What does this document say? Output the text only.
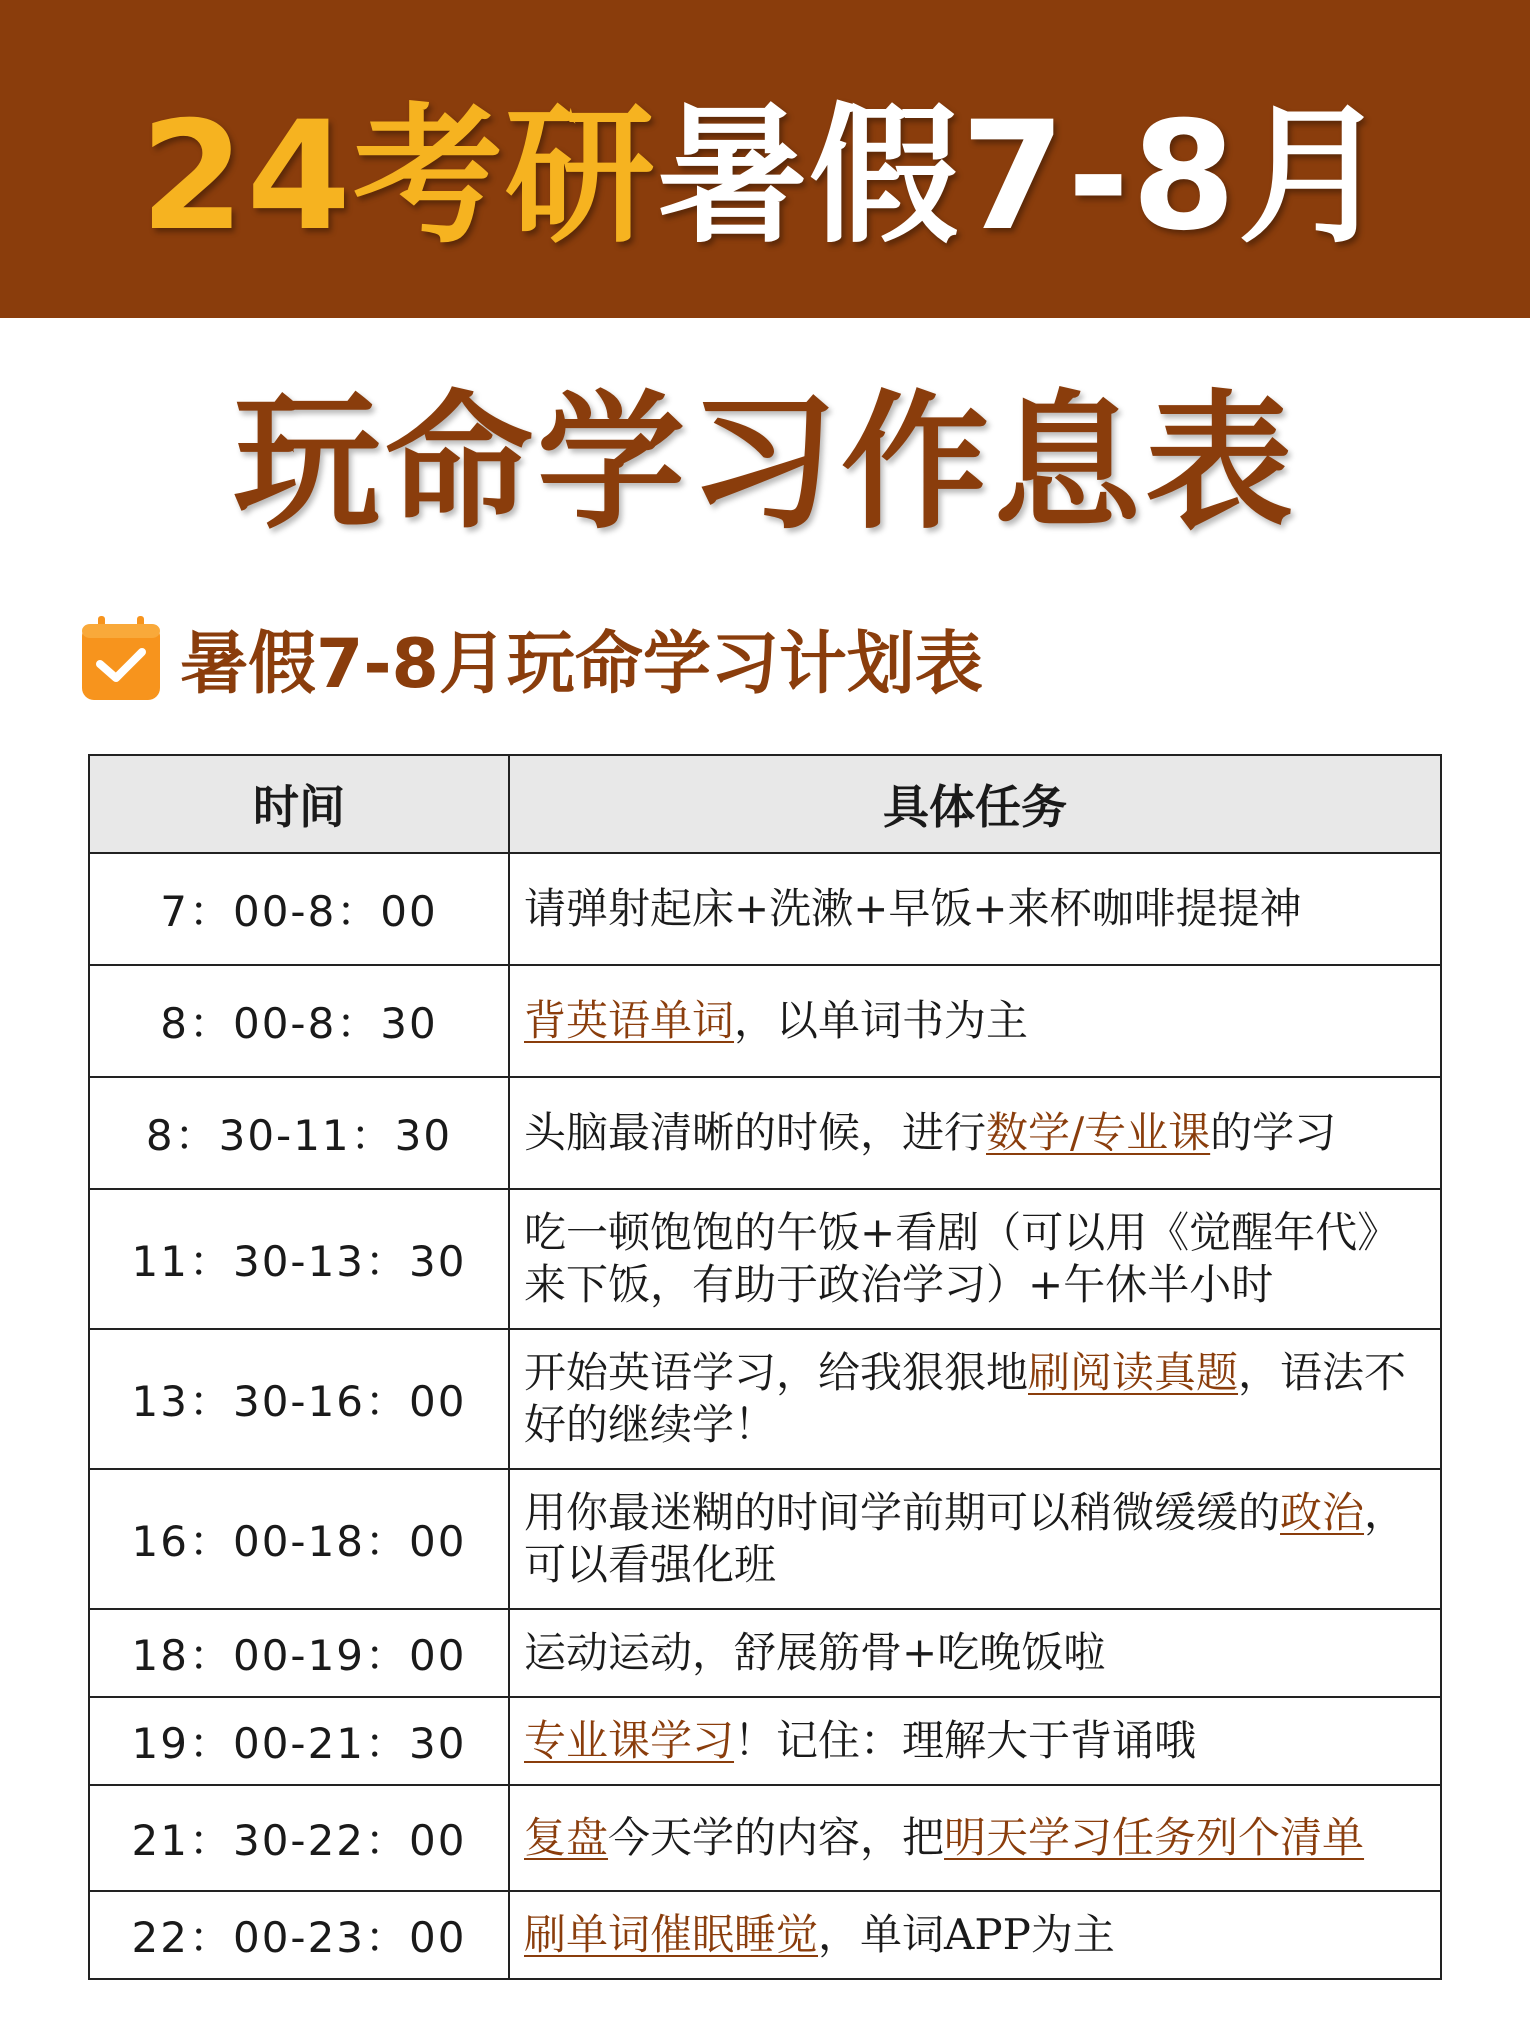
24考研暑假7-8月
玩命学习作息表
暑假7-8月玩命学习计划表
时间	具体任务
7：00-8：00	请弹射起床+洗漱+早饭+来杯咖啡提提神
8：00-8：30	背英语单词，以单词书为主
8：30-11：30	头脑最清晰的时候，进行数学/专业课的学习
11：30-13：30	吃一顿饱饱的午饭+看剧（可以用《觉醒年代》来下饭，有助于政治学习）+午休半小时
13：30-16：00	开始英语学习，给我狠狠地刷阅读真题，语法不好的继续学！
16：00-18：00	用你最迷糊的时间学前期可以稍微缓缓的政治，可以看强化班
18：00-19：00	运动运动，舒展筋骨+吃晚饭啦
19：00-21：30	专业课学习！记住：理解大于背诵哦
21：30-22：00	复盘今天学的内容，把明天学习任务列个清单
22：00-23：00	刷单词催眠睡觉，单词APP为主
